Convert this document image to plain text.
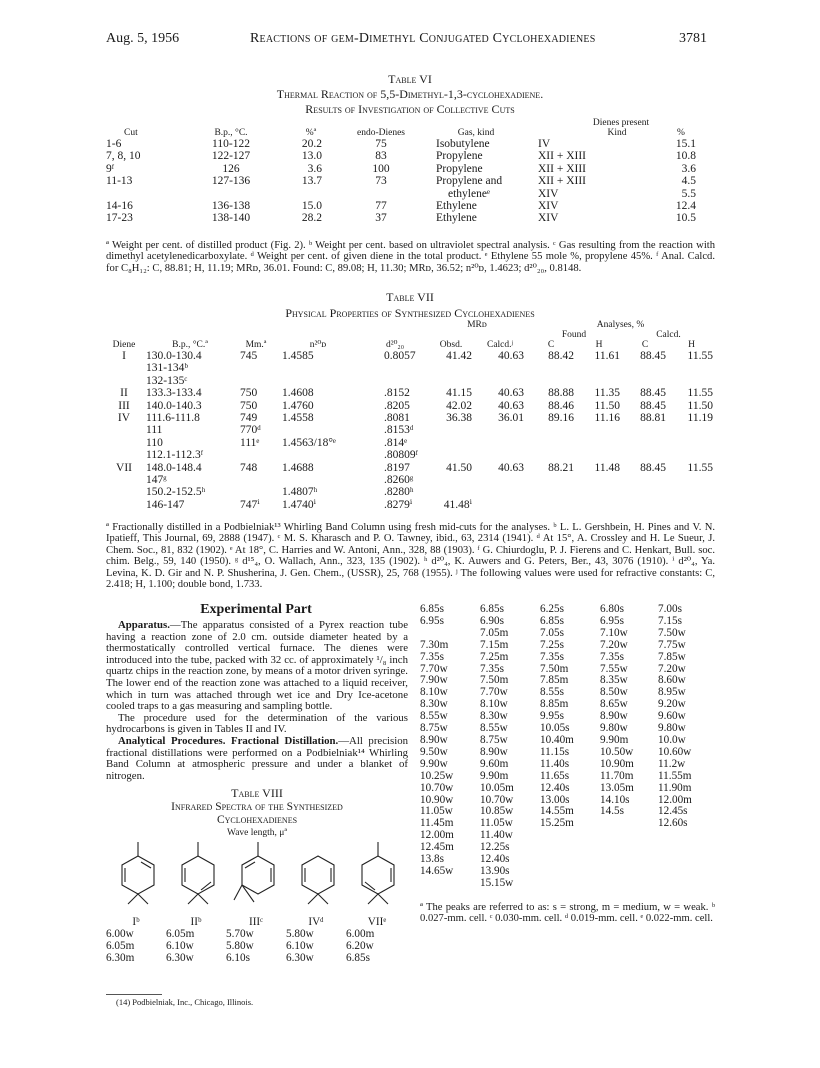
Aug. 5, 1956	Reactions of gem-Dimethyl Conjugated Cyclohexadienes	3781
Table VI
Thermal Reaction of 5,5-Dimethyl-1,3-cyclohexadiene.
Results of Investigation of Collective Cuts
Cut	B.p., °C.	%ª	endo-Dienes	Gas, kind	Dienes present
Kind %	
1-6	110-122	20.2	75	Isobutylene	IV	15.1
7, 8, 10	122-127	13.0	83	Propylene	XII + XIII	10.8
9ᶠ	126	3.6	100	Propylene	XII + XIII	3.6
11-13	127-136	13.7	73	Propylene and	XII + XIII	4.5
				ethyleneᵉ	XIV	5.5
14-16	136-138	15.0	77	Ethylene	XIV	12.4
17-23	138-140	28.2	37	Ethylene	XIV	10.5
ª Weight per cent. of distilled product (Fig. 2). ᵇ Weight per cent. based on ultraviolet spectral analysis. ᶜ Gas resulting from the reaction with dimethyl acetylenedicarboxylate. ᵈ Weight per cent. of given diene in the total product. ᵉ Ethylene 55 mole %, propylene 45%. ᶠ Anal. Calcd. for C₈H₁₂: C, 88.81; H, 11.19; MRᴅ, 36.01. Found: C, 89.08; H, 11.30; MRᴅ, 36.52; n²⁰ᴅ, 1.4623; d²⁰₂₀, 0.8148.
Table VII
Physical Properties of Synthesized Cyclohexadienes
					MRᴅ		Analyses, %			
							Found		Calcd.	
Diene	B.p., °C.ª	Mm.ª	n²⁰ᴅ	d²⁰₂₀	Obsd.	Calcd.ʲ	C	H	C	H
I	130.0-130.4	745	1.4585	0.8057	41.42	40.63	88.42	11.61	88.45	11.55
	131-134ᵇ									
	132-135ᶜ									
II	133.3-133.4	750	1.4608	.8152	41.15	40.63	88.88	11.35	88.45	11.55
III	140.0-140.3	750	1.4760	.8205	42.02	40.63	88.46	11.50	88.45	11.50
IV	111.6-111.8	749	1.4558	.8081	36.38	36.01	89.16	11.16	88.81	11.19
	111	770ᵈ		.8153ᵈ						
	110	111ᵉ	1.4563/18°ᵉ	.814ᵉ						
	112.1-112.3ᶠ			.80809ᶠ						
VII	148.0-148.4	748	1.4688	.8197	41.50	40.63	88.21	11.48	88.45	11.55
	147ᵍ			.8260ᵍ						
	150.2-152.5ʰ		1.4807ʰ	.8280ʰ						
	146-147	747ⁱ	1.4740ⁱ	.8279ⁱ	41.48ⁱ					
ª Fractionally distilled in a Podbielniak¹³ Whirling Band Column using fresh mid-cuts for the analyses. ᵇ L. L. Gershbein, H. Pines and V. N. Ipatieff, This Journal, 69, 2888 (1947). ᶜ M. S. Kharasch and P. O. Tawney, ibid., 63, 2314 (1941). ᵈ At 15°, A. Crossley and H. Le Sueur, J. Chem. Soc., 81, 832 (1902). ᵉ At 18°, C. Harries and W. Antoni, Ann., 328, 88 (1903). ᶠ G. Chiurdoglu, P. J. Fierens and C. Henkart, Bull. soc. chim. Belg., 59, 140 (1950). ᵍ d¹⁵₄, O. Wallach, Ann., 323, 135 (1902). ʰ d²⁰₄, K. Auwers and G. Peters, Ber., 43, 3076 (1910). ⁱ d²⁰₄, Ya. Levina, K. D. Gir and N. P. Shusherina, J. Gen. Chem., (USSR), 25, 768 (1955). ʲ The following values were used for refractive constants: C, 2.418; H, 1.100; double bond, 1.733.
Experimental Part
Apparatus.—The apparatus consisted of a Pyrex reaction tube having a reaction zone of 2.0 cm. outside diameter heated by a thermostatically controlled vertical furnace. The dienes were introduced into the tube, packed with 32 cc. of approximately ¹/₈ inch quartz chips in the reaction zone, by means of a motor driven syringe. The lower end of the reaction zone was attached to a liquid receiver, which in turn was attached through wet ice and Dry Ice-acetone cooled traps to a gas measuring and sampling bottle.
The procedure used for the determination of the various hydrocarbons is given in Tables II and IV.
Analytical Procedures. Fractional Distillation.—All precision fractional distillations were performed on a Podbielniak¹⁴ Whirling Band Column at atmospheric pressure and under a blanket of nitrogen.
Table VIII
Infrared Spectra of the Synthesized
Cyclohexadienes
Wave length, μª
Iᵇ	IIᵇ	IIIᶜ	IVᵈ	VIIᵉ
6.00w	6.05m	5.70w	5.80w	6.00m
6.05m	6.10w	5.80w	6.10w	6.20w
6.30m	6.30w	6.10s	6.30w	6.85s
(14) Podbielniak, Inc., Chicago, Illinois.
6.85s	6.85s	6.25s	6.80s	7.00s
6.95s	6.90s	6.85s	6.95s	7.15s
	7.05m	7.05s	7.10w	7.50w
7.30m	7.15m	7.25s	7.20w	7.75w
7.35s	7.25m	7.35s	7.35s	7.85w
7.70w	7.35s	7.50m	7.55w	7.20w
7.90w	7.50m	7.85m	8.35w	8.60w
8.10w	7.70w	8.55s	8.50w	8.95w
8.30w	8.10w	8.85m	8.65w	9.20w
8.55w	8.30w	9.95s	8.90w	9.60w
8.75w	8.55w	10.05s	9.80w	9.80w
8.90w	8.75w	10.40m	9.90m	10.0w
9.50w	8.90w	11.15s	10.50w	10.60w
9.90w	9.60m	11.40s	10.90m	11.2w
10.25w	9.90m	11.65s	11.70m	11.55m
10.70w	10.05m	12.40s	13.05m	11.90m
10.90w	10.70w	13.00s	14.10s	12.00m
11.05w	10.85w	14.55m	14.5s	12.45s
11.45m	11.05w	15.25m		12.60s
12.00m	11.40w			
12.45m	12.25s			
13.8s	12.40s			
14.65w	13.90s			
	15.15w			
ª The peaks are referred to as: s = strong, m = medium, w = weak. ᵇ 0.027-mm. cell. ᶜ 0.030-mm. cell. ᵈ 0.019-mm. cell. ᵉ 0.022-mm. cell.
